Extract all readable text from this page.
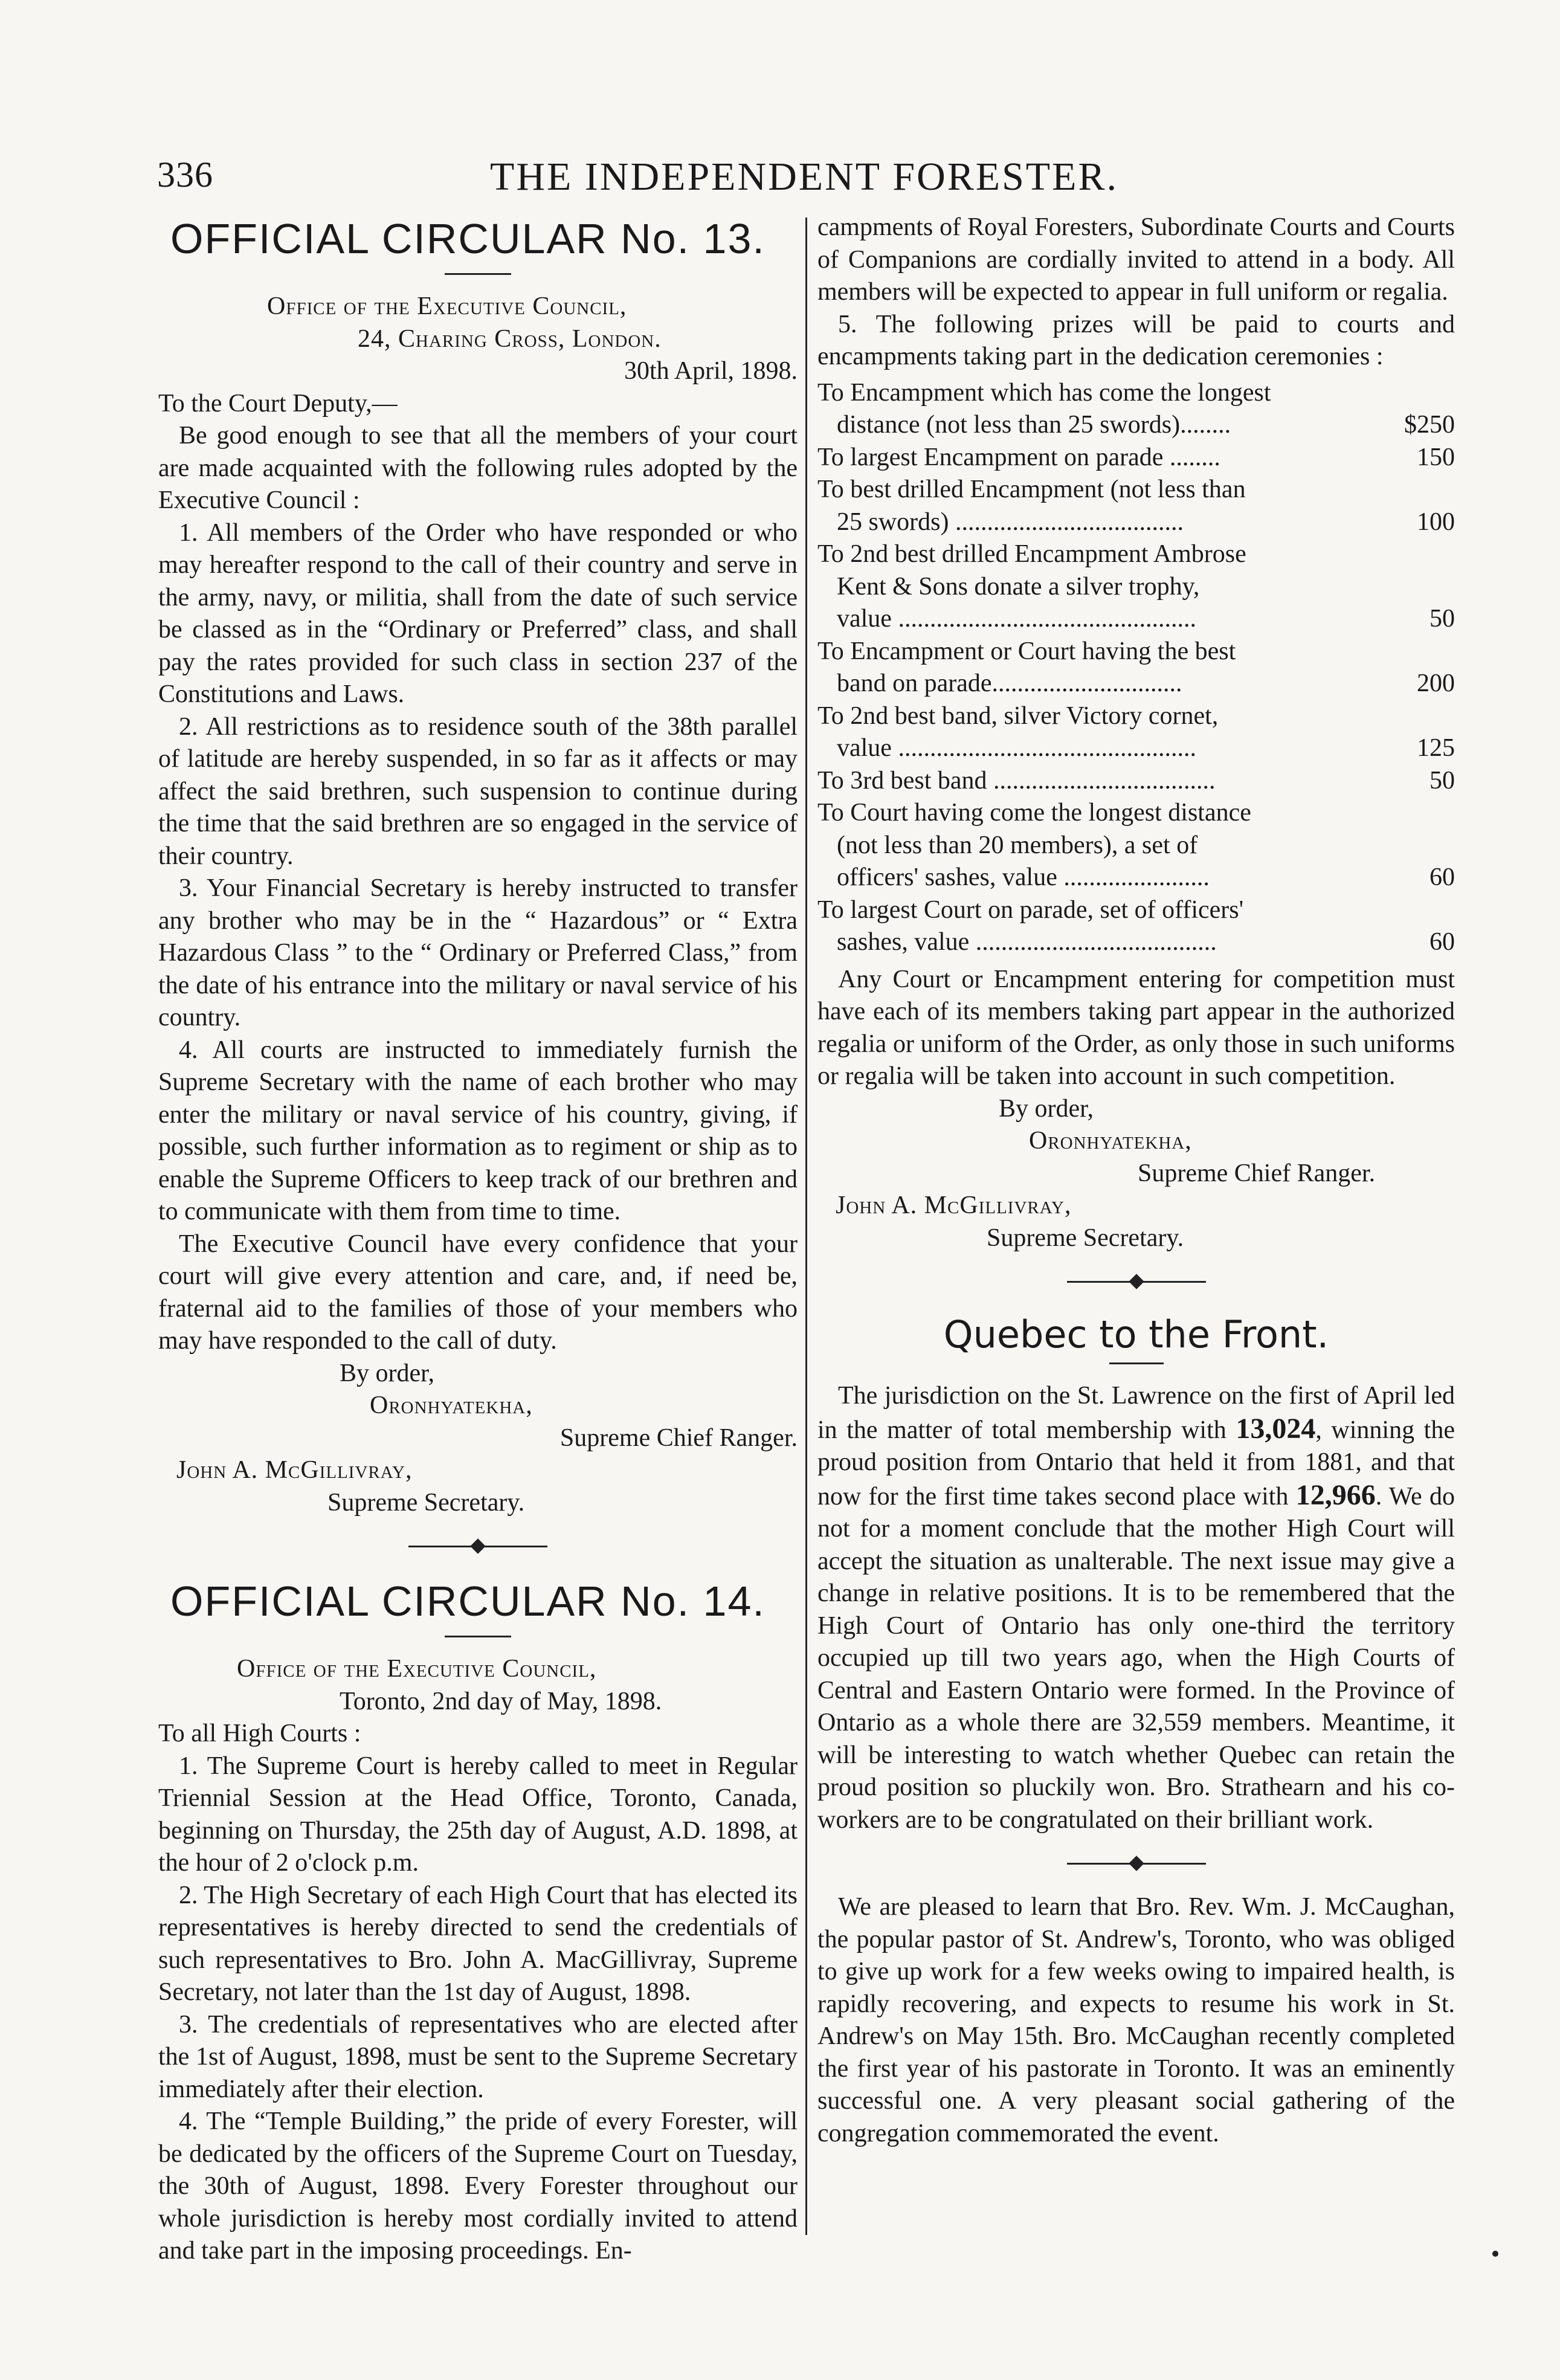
336	THE INDEPENDENT FORESTER.
OFFICIAL CIRCULAR No. 13.
Office of the Executive Council,
24, Charing Cross, London.
30th April, 1898.

To the Court Deputy,—

Be good enough to see that all the members of your court are made acquainted with the following rules adopted by the Executive Council :

1. All members of the Order who have responded or who may hereafter respond to the call of their country and serve in the army, navy, or militia, shall from the date of such service be classed as in the “Ordinary or Preferred” class, and shall pay the rates provided for such class in section 237 of the Constitutions and Laws.

2. All restrictions as to residence south of the 38th parallel of latitude are hereby suspended, in so far as it affects or may affect the said brethren, such suspension to continue during the time that the said brethren are so engaged in the service of their country.

3. Your Financial Secretary is hereby instructed to transfer any brother who may be in the “ Hazardous” or “ Extra Hazardous Class ” to the “ Ordinary or Preferred Class,” from the date of his entrance into the military or naval service of his country.

4. All courts are instructed to immediately furnish the Supreme Secretary with the name of each brother who may enter the military or naval service of his country, giving, if possible, such further information as to regiment or ship as to enable the Supreme Officers to keep track of our brethren and to communicate with them from time to time.

The Executive Council have every confidence that your court will give every attention and care, and, if need be, fraternal aid to the families of those of your members who may have responded to the call of duty.

By order,
Oronhyatekha,
Supreme Chief Ranger.
John A. McGillivray,
Supreme Secretary.
OFFICIAL CIRCULAR No. 14.
Office of the Executive Council,
Toronto, 2nd day of May, 1898.

To all High Courts :

1. The Supreme Court is hereby called to meet in Regular Triennial Session at the Head Office, Toronto, Canada, beginning on Thursday, the 25th day of August, A.D. 1898, at the hour of 2 o'clock p.m.

2. The High Secretary of each High Court that has elected its representatives is hereby directed to send the credentials of such representatives to Bro. John A. MacGillivray, Supreme Secretary, not later than the 1st day of August, 1898.

3. The credentials of representatives who are elected after the 1st of August, 1898, must be sent to the Supreme Secretary immediately after their election.

4. The “Temple Building,” the pride of every Forester, will be dedicated by the officers of the Supreme Court on Tuesday, the 30th of August, 1898. Every Forester throughout our whole jurisdiction is hereby most cordially invited to attend and take part in the imposing proceedings. En-

campments of Royal Foresters, Subordinate Courts and Courts of Companions are cordially invited to attend in a body. All members will be expected to appear in full uniform or regalia.

5. The following prizes will be paid to courts and encampments taking part in the dedication ceremonies :

To Encampment which has come the longest
distance (not less than 25 swords)........	$250
To largest Encampment on parade ........	150
To best drilled Encampment (not less than
25 swords) ....................................	100
To 2nd best drilled Encampment Ambrose
Kent & Sons donate a silver trophy,
value ...............................................	50
To Encampment or Court having the best
band on parade..............................	200
To 2nd best band, silver Victory cornet,
value ...............................................	125
To 3rd best band ...................................	50
To Court having come the longest distance
(not less than 20 members), a set of
officers' sashes, value .......................	60
To largest Court on parade, set of officers'
sashes, value ......................................	60

Any Court or Encampment entering for competition must have each of its members taking part appear in the authorized regalia or uniform of the Order, as only those in such uniforms or regalia will be taken into account in such competition.

By order,
Oronhyatekha,
Supreme Chief Ranger.
John A. McGillivray,
Supreme Secretary.
Quebec to the Front.

The jurisdiction on the St. Lawrence on the first of April led in the matter of total membership with 13,024, winning the proud position from Ontario that held it from 1881, and that now for the first time takes second place with 12,966. We do not for a moment conclude that the mother High Court will accept the situation as unalterable. The next issue may give a change in relative positions. It is to be remembered that the High Court of Ontario has only one-third the territory occupied up till two years ago, when the High Courts of Central and Eastern Ontario were formed. In the Province of Ontario as a whole there are 32,559 members. Meantime, it will be interesting to watch whether Quebec can retain the proud position so pluckily won. Bro. Strathearn and his co-workers are to be congratulated on their brilliant work.

We are pleased to learn that Bro. Rev. Wm. J. McCaughan, the popular pastor of St. Andrew's, Toronto, who was obliged to give up work for a few weeks owing to impaired health, is rapidly recovering, and expects to resume his work in St. Andrew's on May 15th. Bro. McCaughan recently completed the first year of his pastorate in Toronto. It was an eminently successful one. A very pleasant social gathering of the congregation commemorated the event.
